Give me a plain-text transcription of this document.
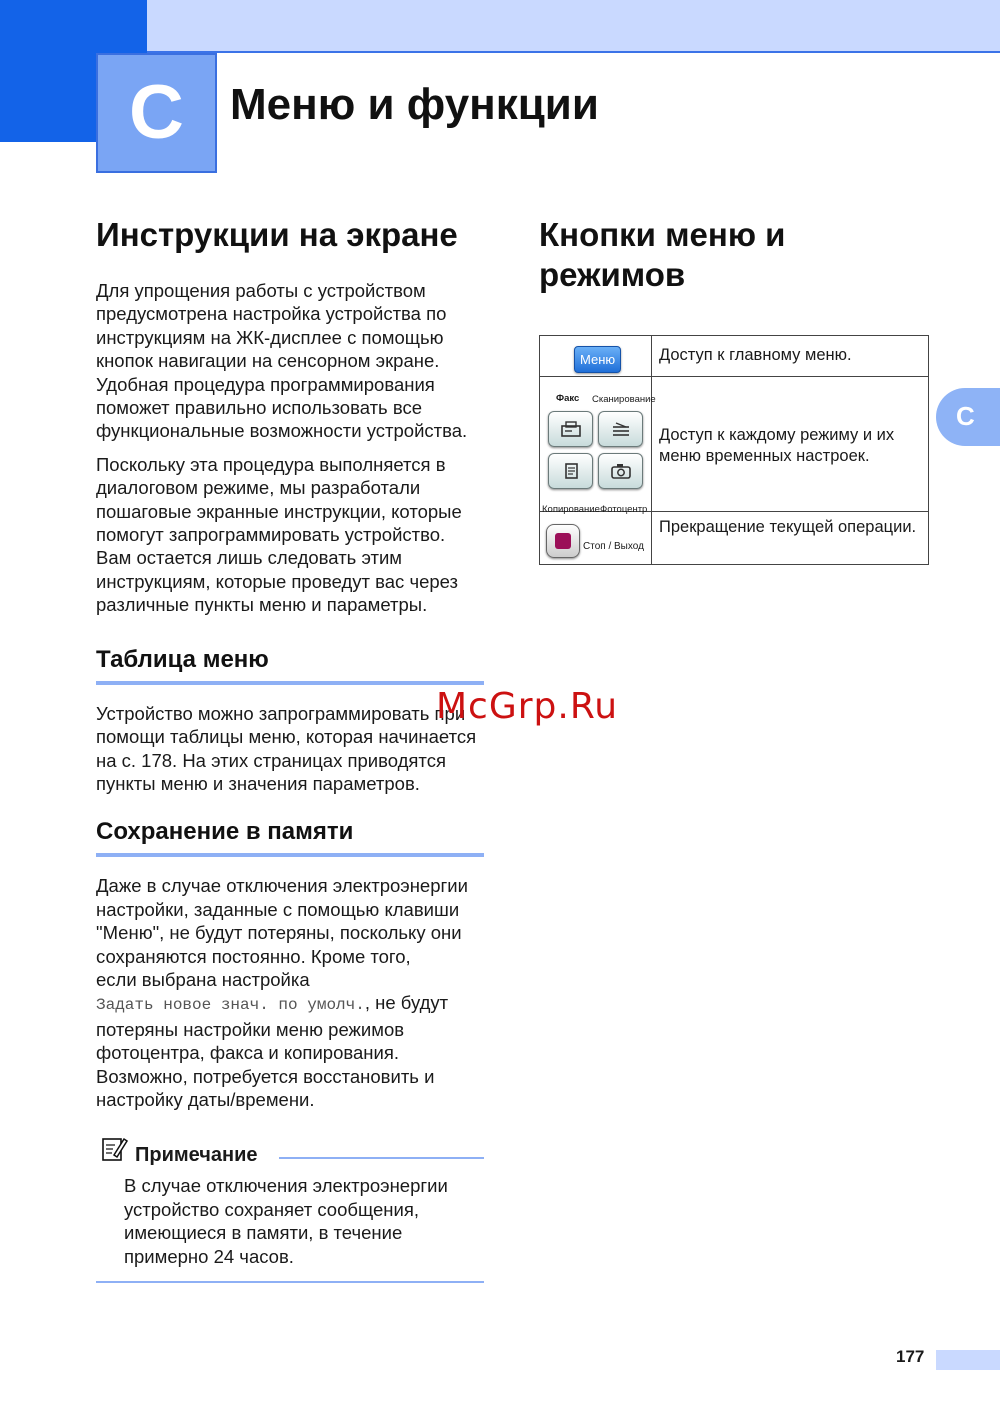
C	Меню и функции
C
Инструкции на экране

Для упрощения работы с устройством предусмотрена настройка устройства по инструкциям на ЖК-дисплее с помощью кнопок навигации на сенсорном экране. Удобная процедура программирования поможет правильно использовать все функциональные возможности устройства.

Поскольку эта процедура выполняется в диалоговом режиме, мы разработали пошаговые экранные инструкции, которые помогут запрограммировать устройство. Вам остается лишь следовать этим инструкциям, которые проведут вас через различные пункты меню и параметры.

Таблица меню

Устройство можно запрограммировать при помощи таблицы меню, которая начинается на с. 178. На этих страницах приводятся пункты меню и значения параметров.

Сохранение в памяти

Даже в случае отключения электроэнергии настройки, заданные с помощью клавиши "Меню", не будут потеряны, поскольку они сохраняются постоянно. Кроме того,
если выбрана настройка
Задать новое знач. по умолч., не будут потеряны настройки меню режимов фотоцентра, факса и копирования. Возможно, потребуется восстановить и настройку даты/времени.

Примечание

В случае отключения электроэнергии устройство сохраняет сообщения, имеющиеся в памяти, в течение примерно 24 часов.

Кнопки меню и режимов
Меню	Доступ к главному меню.

Факс Сканирование
Копирование Фотоцентр	Доступ к каждому режиму и их меню временных настроек.

Стоп / Выход	Прекращение текущей операции.
McGrp.Ru
177
